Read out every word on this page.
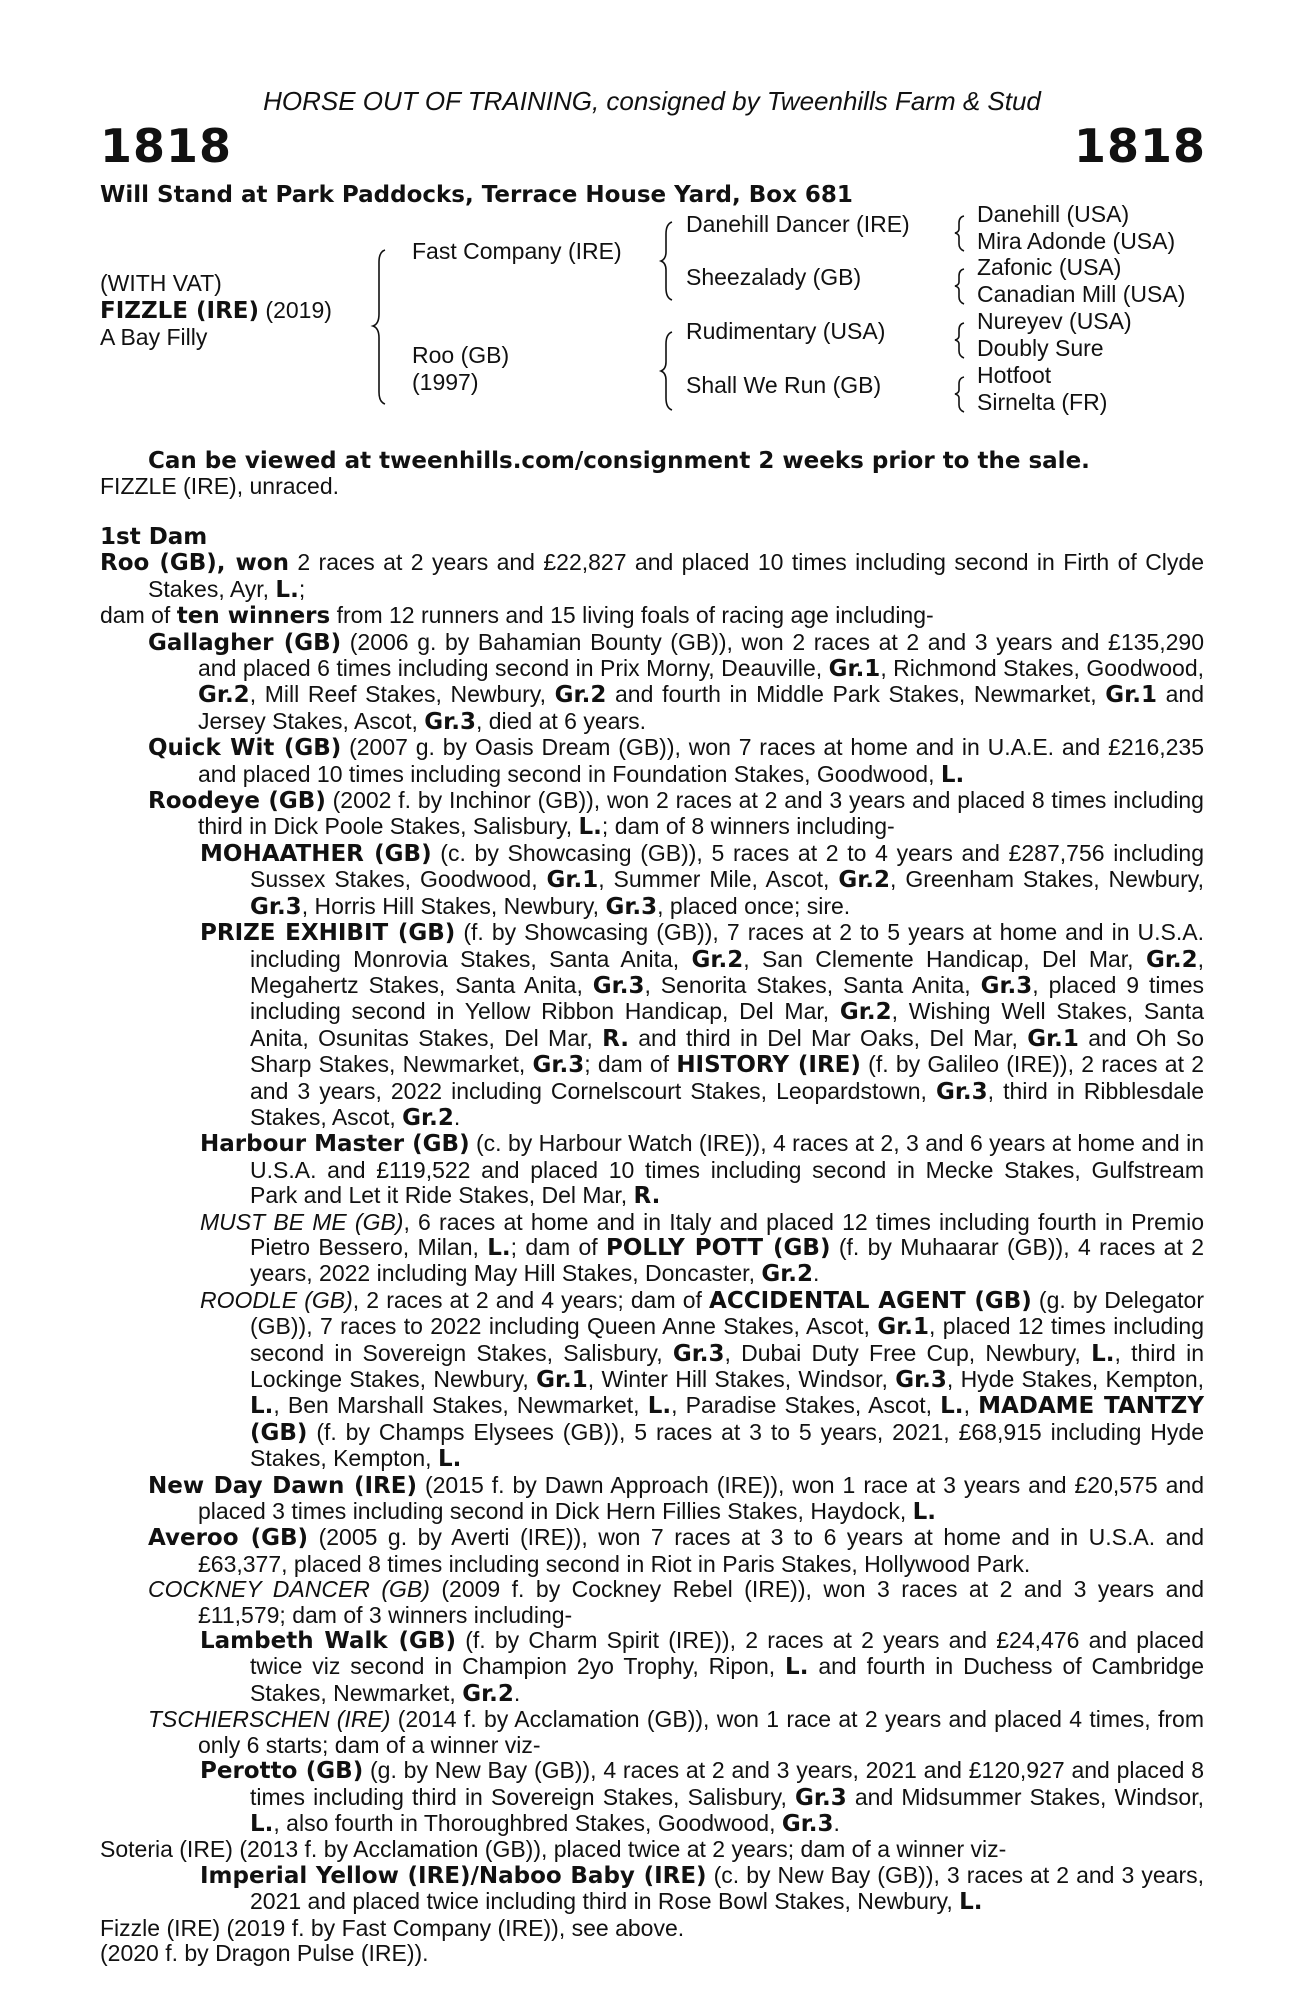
HORSE OUT OF TRAINING, consigned by Tweenhills Farm & Stud
1818	1818
Will Stand at Park Paddocks, Terrace House Yard, Box 681
(WITH VAT)
FIZZLE (IRE) (2019)
A Bay Filly
Fast Company (IRE)
Roo (GB)
(1997)
Danehill Dancer (IRE)
Sheezalady (GB)
Rudimentary (USA)
Shall We Run (GB)
Danehill (USA)
Mira Adonde (USA)
Zafonic (USA)
Canadian Mill (USA)
Nureyev (USA)
Doubly Sure
Hotfoot
Sirnelta (FR)
Can be viewed at tweenhills.com/consignment 2 weeks prior to the sale.
FIZZLE (IRE), unraced.
1st Dam
Roo (GB), won 2 races at 2 years and £22,827 and placed 10 times including second in Firth of Clyde Stakes, Ayr, L.;
dam of ten winners from 12 runners and 15 living foals of racing age including-
Gallagher (GB) (2006 g. by Bahamian Bounty (GB)), won 2 races at 2 and 3 years and £135,290 and placed 6 times including second in Prix Morny, Deauville, Gr.1, Richmond Stakes, Goodwood, Gr.2, Mill Reef Stakes, Newbury, Gr.2 and fourth in Middle Park Stakes, Newmarket, Gr.1 and Jersey Stakes, Ascot, Gr.3, died at 6 years.
Quick Wit (GB) (2007 g. by Oasis Dream (GB)), won 7 races at home and in U.A.E. and £216,235 and placed 10 times including second in Foundation Stakes, Goodwood, L.
Roodeye (GB) (2002 f. by Inchinor (GB)), won 2 races at 2 and 3 years and placed 8 times including third in Dick Poole Stakes, Salisbury, L.; dam of 8 winners including-
MOHAATHER (GB) (c. by Showcasing (GB)), 5 races at 2 to 4 years and £287,756 including Sussex Stakes, Goodwood, Gr.1, Summer Mile, Ascot, Gr.2, Greenham Stakes, Newbury, Gr.3, Horris Hill Stakes, Newbury, Gr.3, placed once; sire.
PRIZE EXHIBIT (GB) (f. by Showcasing (GB)), 7 races at 2 to 5 years at home and in U.S.A. including Monrovia Stakes, Santa Anita, Gr.2, San Clemente Handicap, Del Mar, Gr.2, Megahertz Stakes, Santa Anita, Gr.3, Senorita Stakes, Santa Anita, Gr.3, placed 9 times including second in Yellow Ribbon Handicap, Del Mar, Gr.2, Wishing Well Stakes, Santa Anita, Osunitas Stakes, Del Mar, R. and third in Del Mar Oaks, Del Mar, Gr.1 and Oh So Sharp Stakes, Newmarket, Gr.3; dam of HISTORY (IRE) (f. by Galileo (IRE)), 2 races at 2 and 3 years, 2022 including Cornelscourt Stakes, Leopardstown, Gr.3, third in Ribblesdale Stakes, Ascot, Gr.2.
Harbour Master (GB) (c. by Harbour Watch (IRE)), 4 races at 2, 3 and 6 years at home and in U.S.A. and £119,522 and placed 10 times including second in Mecke Stakes, Gulfstream Park and Let it Ride Stakes, Del Mar, R.
MUST BE ME (GB), 6 races at home and in Italy and placed 12 times including fourth in Premio Pietro Bessero, Milan, L.; dam of POLLY POTT (GB) (f. by Muhaarar (GB)), 4 races at 2 years, 2022 including May Hill Stakes, Doncaster, Gr.2.
ROODLE (GB), 2 races at 2 and 4 years; dam of ACCIDENTAL AGENT (GB) (g. by Delegator (GB)), 7 races to 2022 including Queen Anne Stakes, Ascot, Gr.1, placed 12 times including second in Sovereign Stakes, Salisbury, Gr.3, Dubai Duty Free Cup, Newbury, L., third in Lockinge Stakes, Newbury, Gr.1, Winter Hill Stakes, Windsor, Gr.3, Hyde Stakes, Kempton, L., Ben Marshall Stakes, Newmarket, L., Paradise Stakes, Ascot, L., MADAME TANTZY (GB) (f. by Champs Elysees (GB)), 5 races at 3 to 5 years, 2021, £68,915 including Hyde Stakes, Kempton, L.
New Day Dawn (IRE) (2015 f. by Dawn Approach (IRE)), won 1 race at 3 years and £20,575 and placed 3 times including second in Dick Hern Fillies Stakes, Haydock, L.
Averoo (GB) (2005 g. by Averti (IRE)), won 7 races at 3 to 6 years at home and in U.S.A. and £63,377, placed 8 times including second in Riot in Paris Stakes, Hollywood Park.
COCKNEY DANCER (GB) (2009 f. by Cockney Rebel (IRE)), won 3 races at 2 and 3 years and £11,579; dam of 3 winners including-
Lambeth Walk (GB) (f. by Charm Spirit (IRE)), 2 races at 2 years and £24,476 and placed twice viz second in Champion 2yo Trophy, Ripon, L. and fourth in Duchess of Cambridge Stakes, Newmarket, Gr.2.
TSCHIERSCHEN (IRE) (2014 f. by Acclamation (GB)), won 1 race at 2 years and placed 4 times, from only 6 starts; dam of a winner viz-
Perotto (GB) (g. by New Bay (GB)), 4 races at 2 and 3 years, 2021 and £120,927 and placed 8 times including third in Sovereign Stakes, Salisbury, Gr.3 and Midsummer Stakes, Windsor, L., also fourth in Thoroughbred Stakes, Goodwood, Gr.3.
Soteria (IRE) (2013 f. by Acclamation (GB)), placed twice at 2 years; dam of a winner viz-
Imperial Yellow (IRE)/Naboo Baby (IRE) (c. by New Bay (GB)), 3 races at 2 and 3 years, 2021 and placed twice including third in Rose Bowl Stakes, Newbury, L.
Fizzle (IRE) (2019 f. by Fast Company (IRE)), see above.
(2020 f. by Dragon Pulse (IRE)).
